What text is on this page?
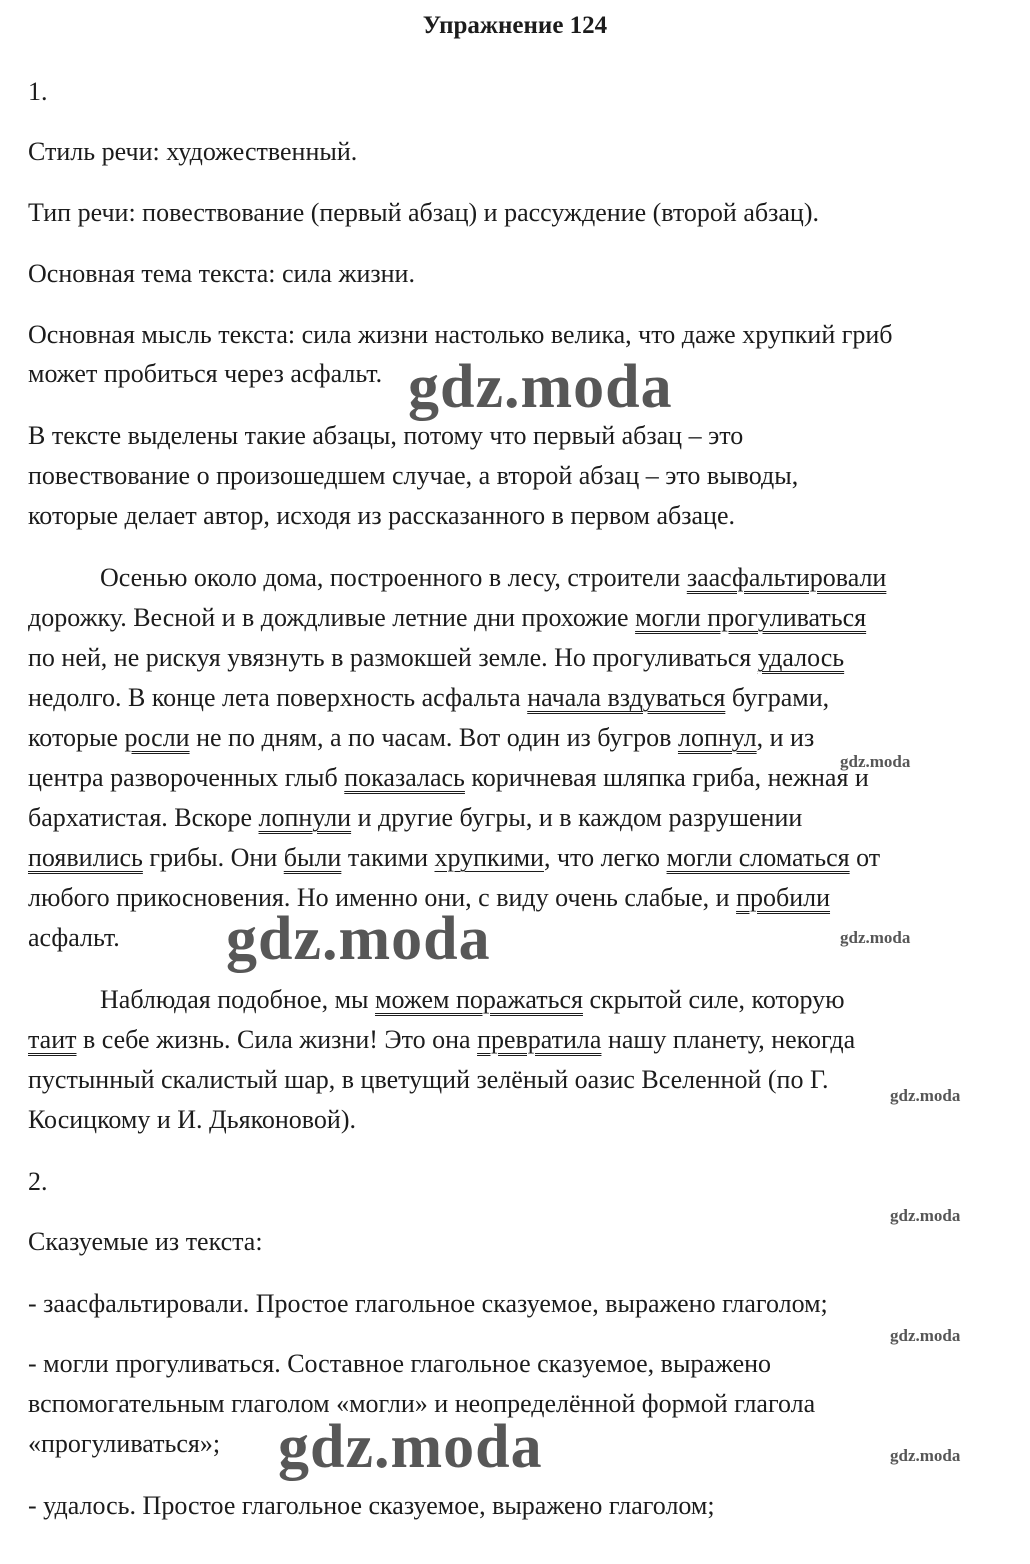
Упражнение 124
1.
Стиль речи: художественный.
Тип речи: повествование (первый абзац) и рассуждение (второй абзац).
Основная тема текста: сила жизни.
Основная мысль текста: сила жизни настолько велика, что даже хрупкий гриб
может пробиться через асфальт.
В тексте выделены такие абзацы, потому что первый абзац – это
повествование о произошедшем случае, а второй абзац – это выводы,
которые делает автор, исходя из рассказанного в первом абзаце.
Осенью около дома, построенного в лесу, строители заасфальтировали
дорожку. Весной и в дождливые летние дни прохожие могли прогуливаться
по ней, не рискуя увязнуть в размокшей земле. Но прогуливаться удалось
недолго. В конце лета поверхность асфальта начала вздуваться буграми,
которые росли не по дням, а по часам. Вот один из бугров лопнул, и из
центра развороченных глыб показалась коричневая шляпка гриба, нежная и
бархатистая. Вскоре лопнули и другие бугры, и в каждом разрушении
появились грибы. Они были такими хрупкими, что легко могли сломаться от
любого прикосновения. Но именно они, с виду очень слабые, и пробили
асфальт.
Наблюдая подобное, мы можем поражаться скрытой силе, которую
таит в себе жизнь. Сила жизни! Это она превратила нашу планету, некогда
пустынный скалистый шар, в цветущий зелёный оазис Вселенной (по Г.
Косицкому и И. Дьяконовой).
2.
Сказуемые из текста:
- заасфальтировали. Простое глагольное сказуемое, выражено глаголом;
- могли прогуливаться. Составное глагольное сказуемое, выражено
вспомогательным глаголом «могли» и неопределённой формой глагола
«прогуливаться»;
- удалось. Простое глагольное сказуемое, выражено глаголом;
gdz.moda
gdz.moda
gdz.moda
gdz.moda
gdz.moda
gdz.moda
gdz.moda
gdz.moda
gdz.moda
